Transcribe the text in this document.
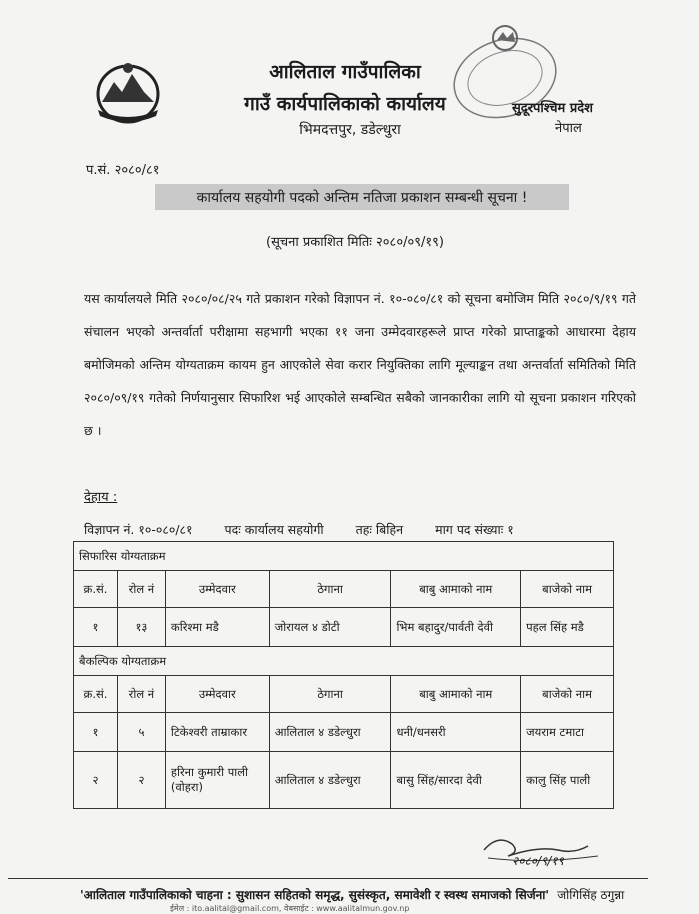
आलिताल गाउँपालिका
गाउँ कार्यपालिकाको कार्यालय
भिमदत्तपुर, डडेल्धुरा
सुदूरपश्चिम प्रदेश
नेपाल
प.सं. २०८०/८१
कार्यालय सहयोगी पदको अन्तिम नतिजा प्रकाशन सम्बन्धी सूचना !
(सूचना प्रकाशित मितिः २०८०/०९/१९)
यस कार्यालयले मिति २०८०/०८/२५ गते प्रकाशन गरेको विज्ञापन नं. १०-०८०/८१ को सूचना बमोजिम मिति २०८०/९/१९ गते संचालन भएको अन्तर्वार्ता परीक्षामा सहभागी भएका ११ जना उम्मेदवारहरूले प्राप्त गरेको प्राप्ताङ्कको आधारमा देहाय बमोजिमको अन्तिम योग्यताक्रम कायम हुन आएकोले सेवा करार नियुक्तिका लागि मूल्याङ्कन तथा अन्तर्वार्ता समितिको मिति २०८०/०९/१९ गतेको निर्णयानुसार सिफारिश भई आएकोले सम्बन्धित सबैको जानकारीका लागि यो सूचना प्रकाशन गरिएको छ ।
देहाय :
विज्ञापन नं. १०-०८०/८१	पदः कार्यालय सहयोगी	तहः बिहिन	माग पद संख्याः १
सिफारिस योग्यताक्रम					
क्र.सं.	रोल नं	उम्मेदवार	ठेगाना	बाबु आमाको नाम	बाजेको नाम
१	१३	करिश्मा मडै	जोरायल ४ डोटी	भिम बहादुर/पार्वती देवी	पहल सिंह मडै
बैकल्पिक योग्यताक्रम					
क्र.सं.	रोल नं	उम्मेदवार	ठेगाना	बाबु आमाको नाम	बाजेको नाम
१	५	टिकेश्वरी ताम्राकार	आलिताल ४ डडेल्धुरा	धनी/धनसरी	जयराम टमाटा
२	२	हरिना कुमारी पाली (वोहरा)	आलिताल ४ डडेल्धुरा	बासु सिंह/सारदा देवी	कालु सिंह पाली
२०८०/९/१९
'आलिताल गाउँपालिकाको चाहना : सुशासन सहितको समृद्ध, सुसंस्कृत, समावेशी र स्वस्थ समाजको सिर्जना' जोगिसिंह ठगुन्ना
ईमेल : ito.aalital@gmail.com, वेबसाईट : www.aalitalmun.gov.np
